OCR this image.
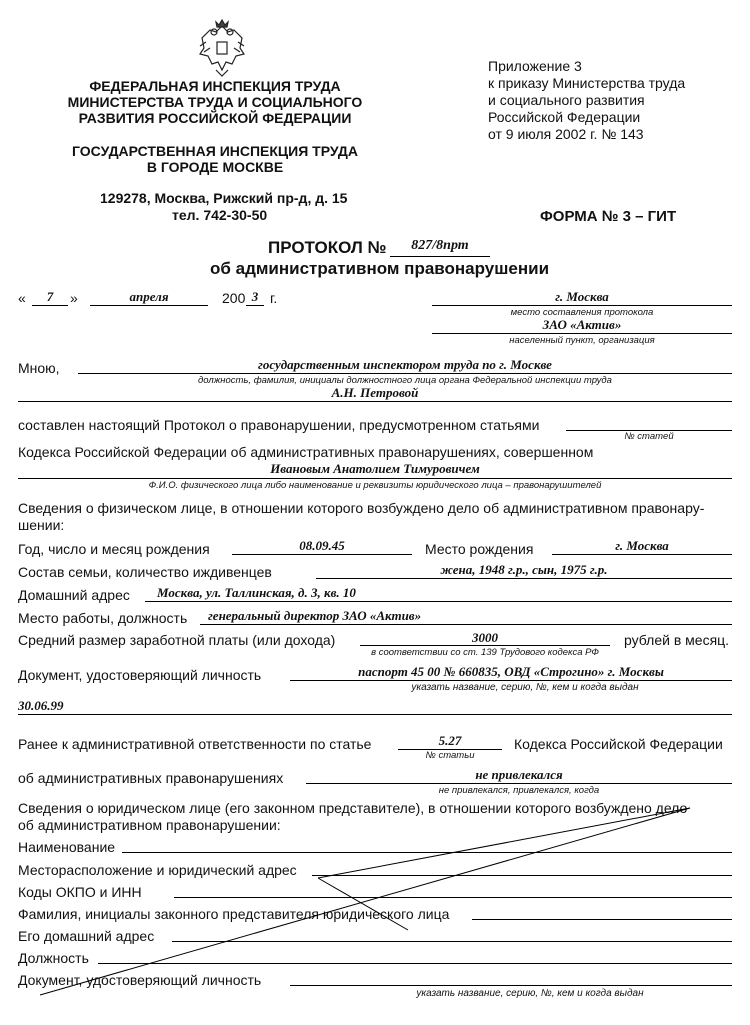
ФЕДЕРАЛЬНАЯ ИНСПЕКЦИЯ ТРУДА
МИНИСТЕРСТВА ТРУДА И СОЦИАЛЬНОГО
РАЗВИТИЯ РОССИЙСКОЙ ФЕДЕРАЦИИ
ГОСУДАРСТВЕННАЯ ИНСПЕКЦИЯ ТРУДА
В ГОРОДЕ МОСКВЕ
129278, Москва, Рижский пр-д, д. 15
тел. 742-30-50
Приложение 3
к приказу Министерства труда
и социального развития
Российской Федерации
от 9 июля 2002 г. № 143
ФОРМА № 3 – ГИТ
ПРОТОКОЛ №	827/8прт
об административном правонарушении
«	7	»	апреля	200 3 г.	г. Москва
место составления протокола
ЗАО «Актив»
населенный пункт, организация
Мною,	государственным инспектором труда по г. Москве
должность, фамилия, инициалы должностного лица органа Федеральной инспекции труда
А.Н. Петровой
составлен настоящий Протокол о правонарушении, предусмотренном статьями
№ статей
Кодекса Российской Федерации об административных правонарушениях, совершенном
Ивановым Анатолием Тимуровичем
Ф.И.О. физического лица либо наименование и реквизиты юридического лица – правонарушителей
Сведения о физическом лице, в отношении которого возбуждено дело об административном правонару-
шении:
Год, число и месяц рождения	08.09.45	Место рождения	г. Москва
Состав семьи, количество иждивенцев	жена, 1948 г.р., сын, 1975 г.р.
Домашний адрес	Москва, ул. Таллинская, д. 3, кв. 10
Место работы, должность	генеральный директор ЗАО «Актив»
Средний размер заработной платы (или дохода)	3000
в соответствии со ст. 139 Трудового кодекса РФ
рублей в месяц.
Документ, удостоверяющий личность	паспорт 45 00 № 660835, ОВД «Строгино» г. Москвы
указать название, серию, №, кем и когда выдан
30.06.99
Ранее к административной ответственности по статье	5.27
№ статьи
Кодекса Российской Федерации
об административных правонарушениях	не привлекался
не привлекался, привлекался, когда
Сведения о юридическом лице (его законном представителе), в отношении которого возбуждено дело
об административном правонарушении:
Наименование
Месторасположение и юридический адрес
Коды ОКПО и ИНН
Фамилия, инициалы законного представителя юридического лица
Его домашний адрес
Должность
Документ, удостоверяющий личность
указать название, серию, №, кем и когда выдан
